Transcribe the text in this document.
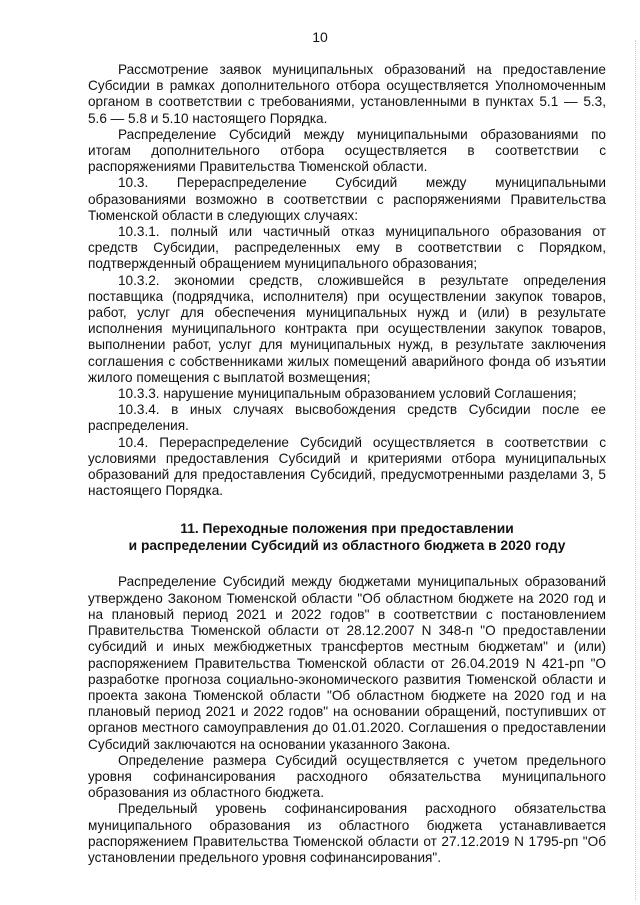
10

Рассмотрение заявок муниципальных образований на предоставление Субсидии в рамках дополнительного отбора осуществляется Уполномоченным органом в соответствии с требованиями, установленными в пунктах 5.1 — 5.3, 5.6 — 5.8 и 5.10 настоящего Порядка.

Распределение Субсидий между муниципальными образованиями по итогам дополнительного отбора осуществляется в соответствии с распоряжениями Правительства Тюменской области.

10.3. Перераспределение Субсидий между муниципальными образованиями возможно в соответствии с распоряжениями Правительства Тюменской области в следующих случаях:

10.3.1. полный или частичный отказ муниципального образования от средств Субсидии, распределенных ему в соответствии с Порядком, подтвержденный обращением муниципального образования;

10.3.2. экономии средств, сложившейся в результате определения поставщика (подрядчика, исполнителя) при осуществлении закупок товаров, работ, услуг для обеспечения муниципальных нужд и (или) в результате исполнения муниципального контракта при осуществлении закупок товаров, выполнении работ, услуг для муниципальных нужд, в результате заключения соглашения с собственниками жилых помещений аварийного фонда об изъятии жилого помещения с выплатой возмещения;

10.3.3. нарушение муниципальным образованием условий Соглашения;

10.3.4. в иных случаях высвобождения средств Субсидии после ее распределения.

10.4. Перераспределение Субсидий осуществляется в соответствии с условиями предоставления Субсидий и критериями отбора муниципальных образований для предоставления Субсидий, предусмотренными разделами 3, 5 настоящего Порядка.

11. Переходные положения при предоставлении
и распределении Субсидий из областного бюджета в 2020 году

Распределение Субсидий между бюджетами муниципальных образований утверждено Законом Тюменской области "Об областном бюджете на 2020 год и на плановый период 2021 и 2022 годов" в соответствии с постановлением Правительства Тюменской области от 28.12.2007 N 348-п "О предоставлении субсидий и иных межбюджетных трансфертов местным бюджетам" и (или) распоряжением Правительства Тюменской области от 26.04.2019 N 421-рп "О разработке прогноза социально-экономического развития Тюменской области и проекта закона Тюменской области "Об областном бюджете на 2020 год и на плановый период 2021 и 2022 годов" на основании обращений, поступивших от органов местного самоуправления до 01.01.2020. Соглашения о предоставлении Субсидий заключаются на основании указанного Закона.

Определение размера Субсидий осуществляется с учетом предельного уровня софинансирования расходного обязательства муниципального образования из областного бюджета.

Предельный уровень софинансирования расходного обязательства муниципального образования из областного бюджета устанавливается распоряжением Правительства Тюменской области от 27.12.2019 N 1795-рп "Об установлении предельного уровня софинансирования".
